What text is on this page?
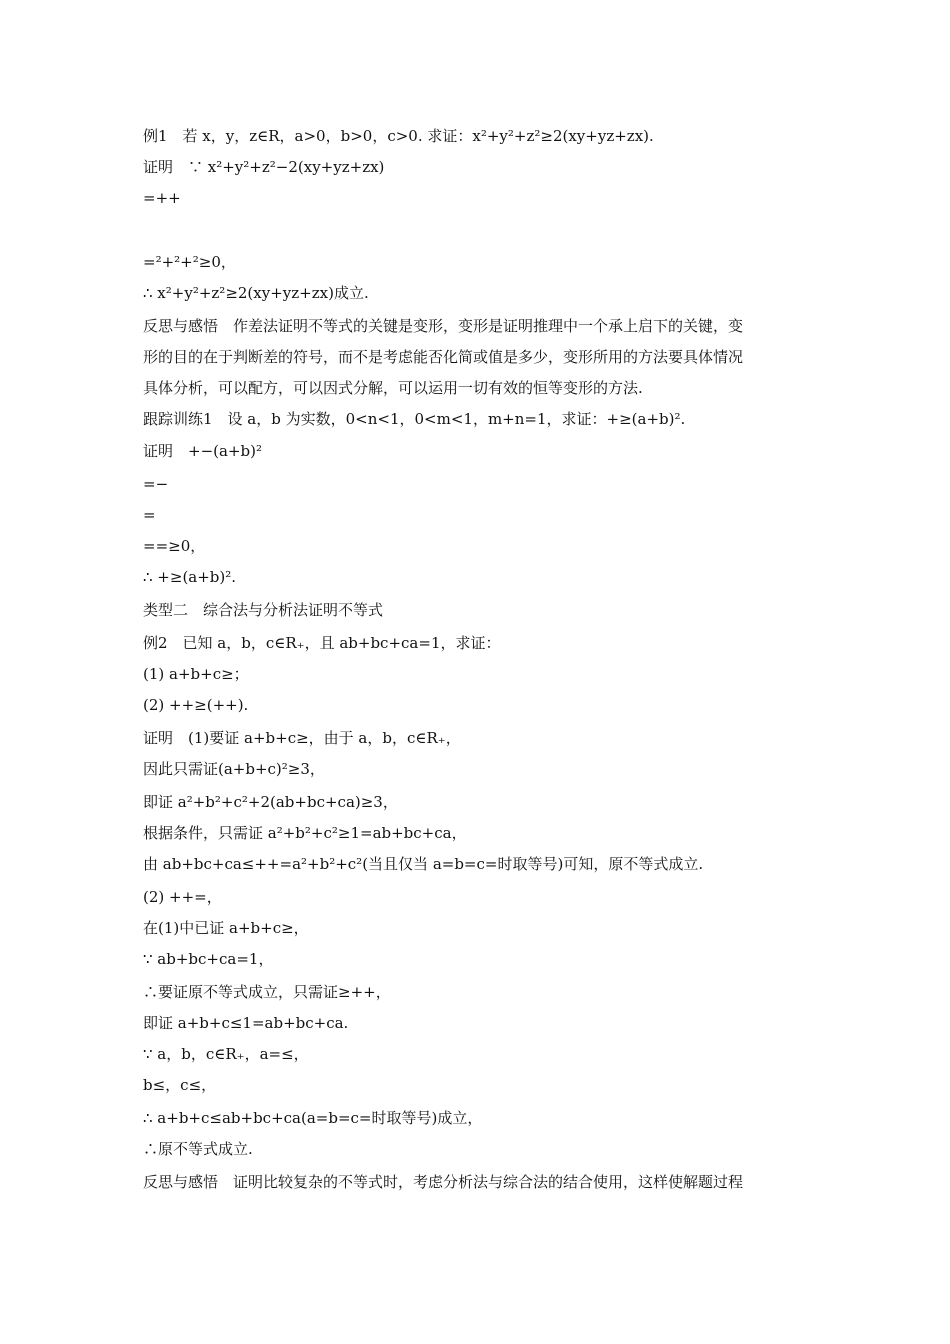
例1　若 x，y，z∈R，a>0，b>0，c>0. 求证：x²+y²+z²≥2(xy+yz+zx).
证明　∵ x²+y²+z²−2(xy+yz+zx)
=++
=²+²+²≥0，
∴ x²+y²+z²≥2(xy+yz+zx)成立.
反思与感悟　作差法证明不等式的关键是变形，变形是证明推理中一个承上启下的关键，变
形的目的在于判断差的符号，而不是考虑能否化简或值是多少，变形所用的方法要具体情况
具体分析，可以配方，可以因式分解，可以运用一切有效的恒等变形的方法.
跟踪训练1　设 a，b 为实数，0<n<1，0<m<1，m+n=1，求证：+≥(a+b)².
证明　+−(a+b)²
=−
=
==≥0，
∴ +≥(a+b)².
类型二　综合法与分析法证明不等式
例2　已知 a，b，c∈R₊，且 ab+bc+ca=1，求证：
(1) a+b+c≥；
(2) ++≥(++).
证明　(1)要证 a+b+c≥，由于 a，b，c∈R₊，
因此只需证(a+b+c)²≥3，
即证 a²+b²+c²+2(ab+bc+ca)≥3，
根据条件，只需证 a²+b²+c²≥1=ab+bc+ca，
由 ab+bc+ca≤++=a²+b²+c²(当且仅当 a=b=c=时取等号)可知，原不等式成立.
(2) ++=，
在(1)中已证 a+b+c≥，
∵ ab+bc+ca=1，
∴要证原不等式成立，只需证≥++，
即证 a+b+c≤1=ab+bc+ca.
∵ a，b，c∈R₊，a=≤，
b≤，c≤，
∴ a+b+c≤ab+bc+ca(a=b=c=时取等号)成立，
∴原不等式成立.
反思与感悟　证明比较复杂的不等式时，考虑分析法与综合法的结合使用，这样使解题过程
